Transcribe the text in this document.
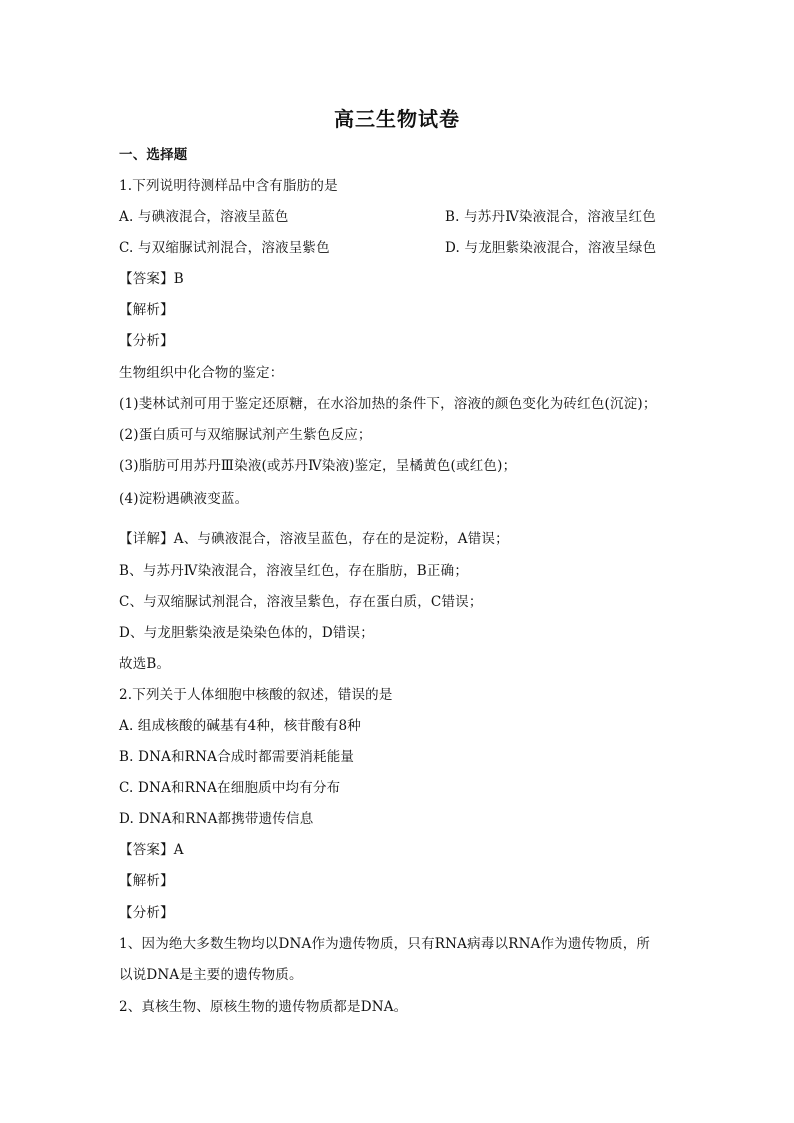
高三生物试卷
一、选择题
1.下列说明待测样品中含有脂肪的是
A. 与碘液混合，溶液呈蓝色	B. 与苏丹Ⅳ染液混合，溶液呈红色
C. 与双缩脲试剂混合，溶液呈紫色	D. 与龙胆紫染液混合，溶液呈绿色
【答案】B
【解析】
【分析】
生物组织中化合物的鉴定：
(1)斐林试剂可用于鉴定还原糖，在水浴加热的条件下，溶液的颜色变化为砖红色(沉淀)；
(2)蛋白质可与双缩脲试剂产生紫色反应；
(3)脂肪可用苏丹Ⅲ染液(或苏丹Ⅳ染液)鉴定，呈橘黄色(或红色)；
(4)淀粉遇碘液变蓝。
【详解】A、与碘液混合，溶液呈蓝色，存在的是淀粉，A错误；
B、与苏丹Ⅳ染液混合，溶液呈红色，存在脂肪，B正确；
C、与双缩脲试剂混合，溶液呈紫色，存在蛋白质，C错误；
D、与龙胆紫染液是染染色体的，D错误；
故选B。
2.下列关于人体细胞中核酸的叙述，错误的是
A. 组成核酸的碱基有4种，核苷酸有8种
B. DNA和RNA合成时都需要消耗能量
C. DNA和RNA在细胞质中均有分布
D. DNA和RNA都携带遗传信息
【答案】A
【解析】
【分析】
1、因为绝大多数生物均以DNA作为遗传物质，只有RNA病毒以RNA作为遗传物质，所
以说DNA是主要的遗传物质。
2、真核生物、原核生物的遗传物质都是DNA。
